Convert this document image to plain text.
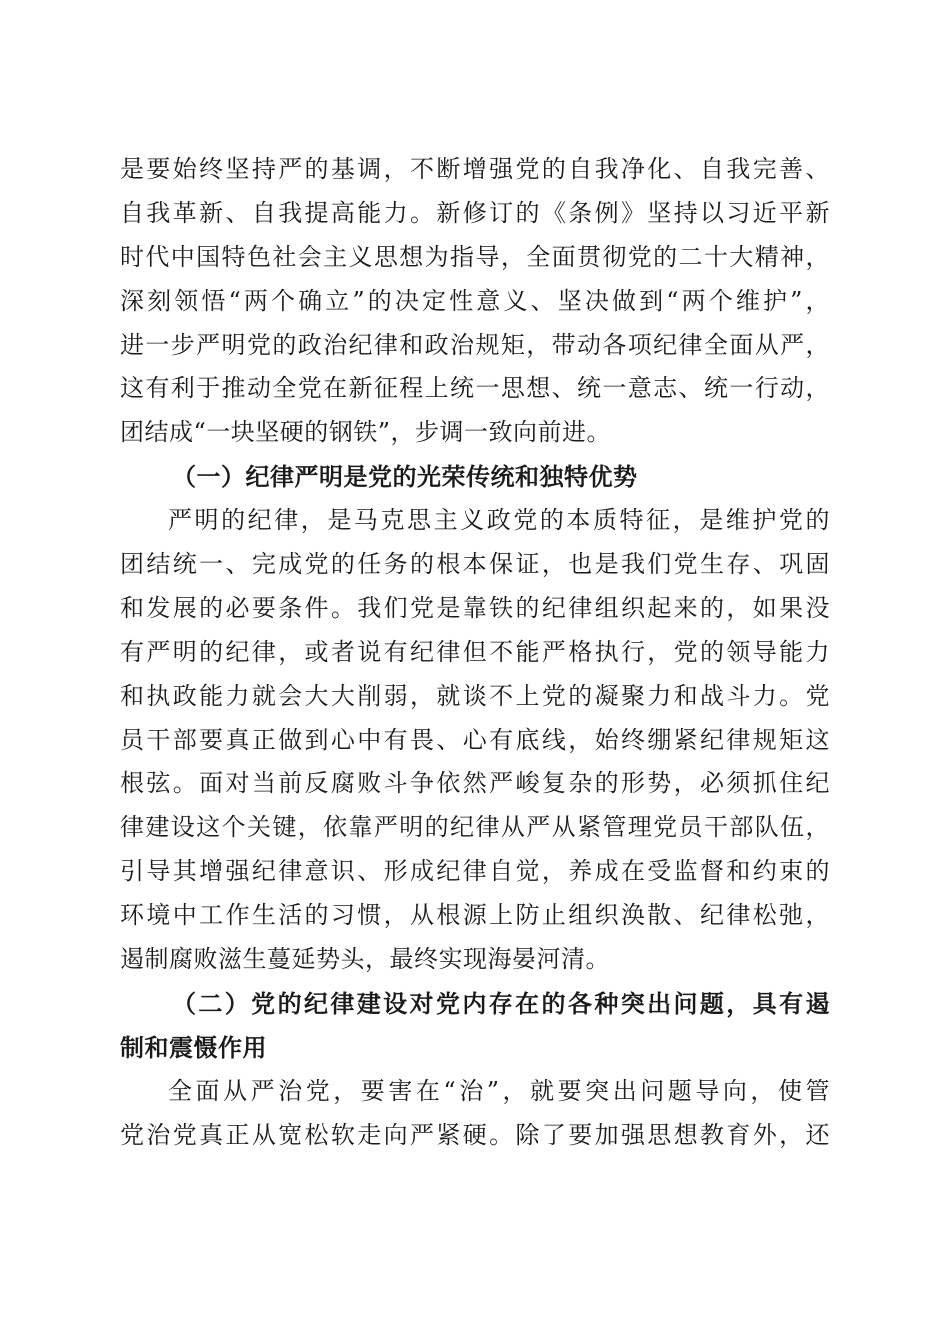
是要始终坚持严的基调，不断增强党的自我净化、自我完善、
自我革新、自我提高能力。新修订的《条例》坚持以习近平新
时代中国特色社会主义思想为指导，全面贯彻党的二十大精神，
深刻领悟“两个确立”的决定性意义、坚决做到“两个维护”，
进一步严明党的政治纪律和政治规矩，带动各项纪律全面从严，
这有利于推动全党在新征程上统一思想、统一意志、统一行动，
团结成“一块坚硬的钢铁”，步调一致向前进。
（一）纪律严明是党的光荣传统和独特优势
严明的纪律，是马克思主义政党的本质特征，是维护党的
团结统一、完成党的任务的根本保证，也是我们党生存、巩固
和发展的必要条件。我们党是靠铁的纪律组织起来的，如果没
有严明的纪律，或者说有纪律但不能严格执行，党的领导能力
和执政能力就会大大削弱，就谈不上党的凝聚力和战斗力。党
员干部要真正做到心中有畏、心有底线，始终绷紧纪律规矩这
根弦。面对当前反腐败斗争依然严峻复杂的形势，必须抓住纪
律建设这个关键，依靠严明的纪律从严从紧管理党员干部队伍，
引导其增强纪律意识、形成纪律自觉，养成在受监督和约束的
环境中工作生活的习惯，从根源上防止组织涣散、纪律松弛，
遏制腐败滋生蔓延势头，最终实现海晏河清。
（二）党的纪律建设对党内存在的各种突出问题，具有遏
制和震慑作用
全面从严治党，要害在“治”，就要突出问题导向，使管
党治党真正从宽松软走向严紧硬。除了要加强思想教育外，还
